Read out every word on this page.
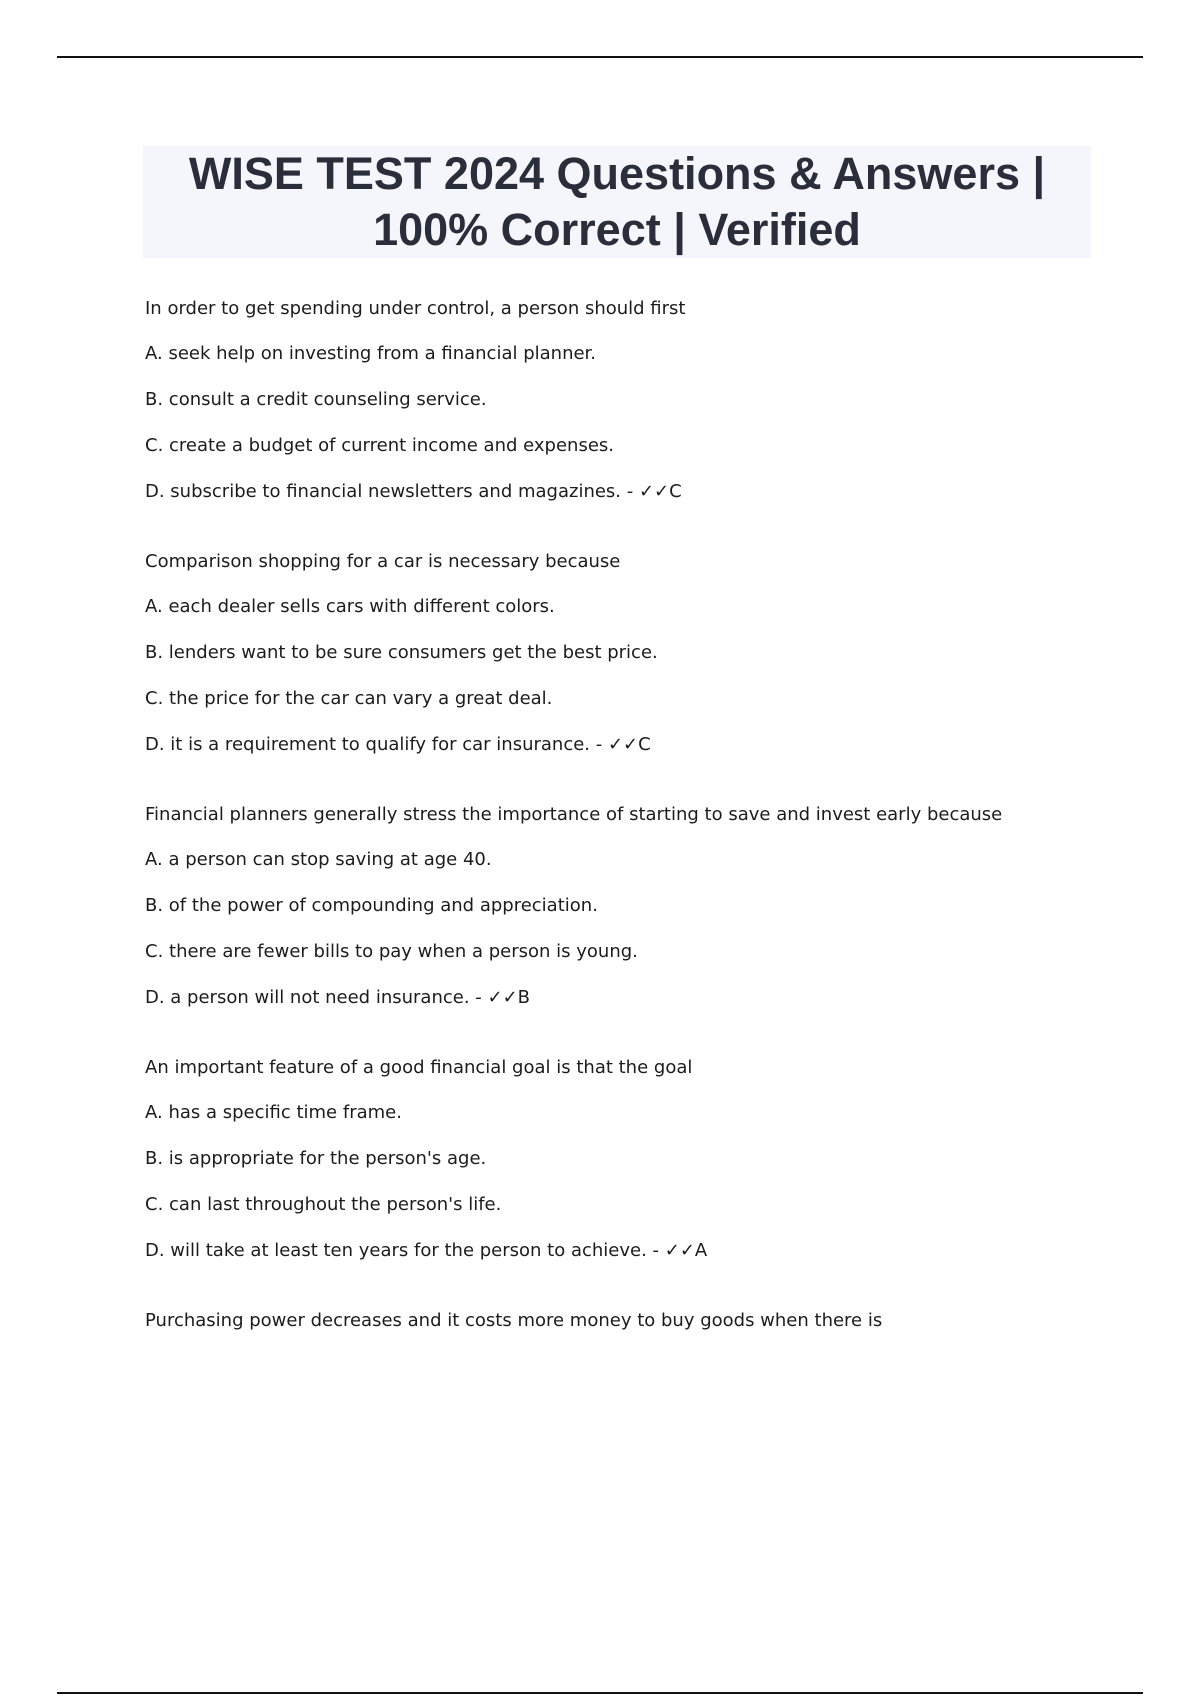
WISE TEST 2024 Questions & Answers |
100% Correct | Verified

In order to get spending under control, a person should first

A. seek help on investing from a financial planner.

B. consult a credit counseling service.

C. create a budget of current income and expenses.

D. subscribe to financial newsletters and magazines. - ✓✓C

Comparison shopping for a car is necessary because

A. each dealer sells cars with different colors.

B. lenders want to be sure consumers get the best price.

C. the price for the car can vary a great deal.

D. it is a requirement to qualify for car insurance. - ✓✓C

Financial planners generally stress the importance of starting to save and invest early because

A. a person can stop saving at age 40.

B. of the power of compounding and appreciation.

C. there are fewer bills to pay when a person is young.

D. a person will not need insurance. - ✓✓B

An important feature of a good financial goal is that the goal

A. has a specific time frame.

B. is appropriate for the person's age.

C. can last throughout the person's life.

D. will take at least ten years for the person to achieve. - ✓✓A

Purchasing power decreases and it costs more money to buy goods when there is
